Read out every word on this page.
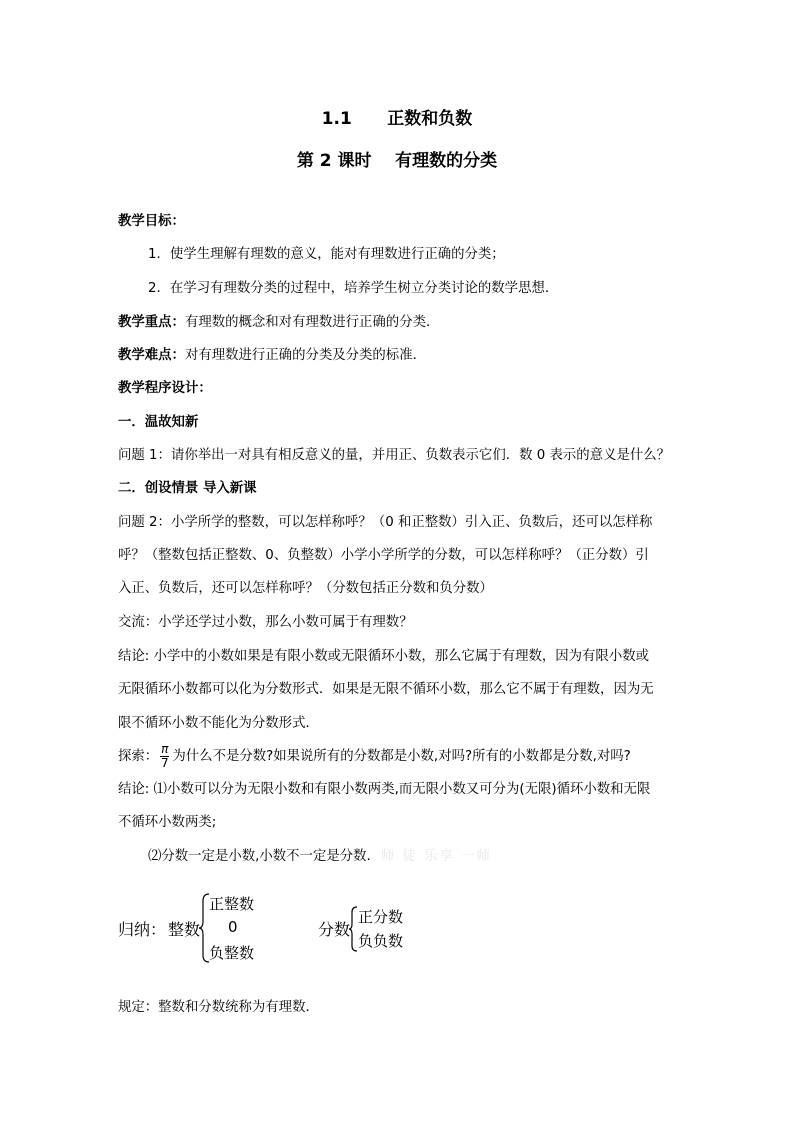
1.1      正数和负数
第 2 课时    有理数的分类
教学目标：
1．使学生理解有理数的意义，能对有理数进行正确的分类；
2．在学习有理数分类的过程中，培养学生树立分类讨论的数学思想．
教学重点：有理数的概念和对有理数进行正确的分类．
教学难点：对有理数进行正确的分类及分类的标准．
教学程序设计：
一．温故知新
问题 1：请你举出一对具有相反意义的量，并用正、负数表示它们．数 0 表示的意义是什么？
二．创设情景 导入新课
问题 2：小学所学的整数，可以怎样称呼？（0 和正整数）引入正、负数后，还可以怎样称
呼？（整数包括正整数、0、负整数）小学小学所学的分数，可以怎样称呼？（正分数）引
入正、负数后，还可以怎样称呼？（分数包括正分数和负分数）
交流：小学还学过小数，那么小数可属于有理数？
结论: 小学中的小数如果是有限小数或无限循环小数，那么它属于有理数，因为有限小数或
无限循环小数都可以化为分数形式．如果是无限不循环小数，那么它不属于有理数，因为无
限不循环小数不能化为分数形式．
探索： $\frac{\pi}{7}$ 为什么不是分数?如果说所有的分数都是小数,对吗?所有的小数都是分数,对吗?
结论: ⑴小数可以分为无限小数和有限小数两类,而无限小数又可分为(无限)循环小数和无限
不循环小数两类;
⑵分数一定是小数,小数不一定是分数. 师 徒 乐享 一师
归纳： 整数
正整数
0
负整数
分数
正分数
负负数
规定：整数和分数统称为有理数．
